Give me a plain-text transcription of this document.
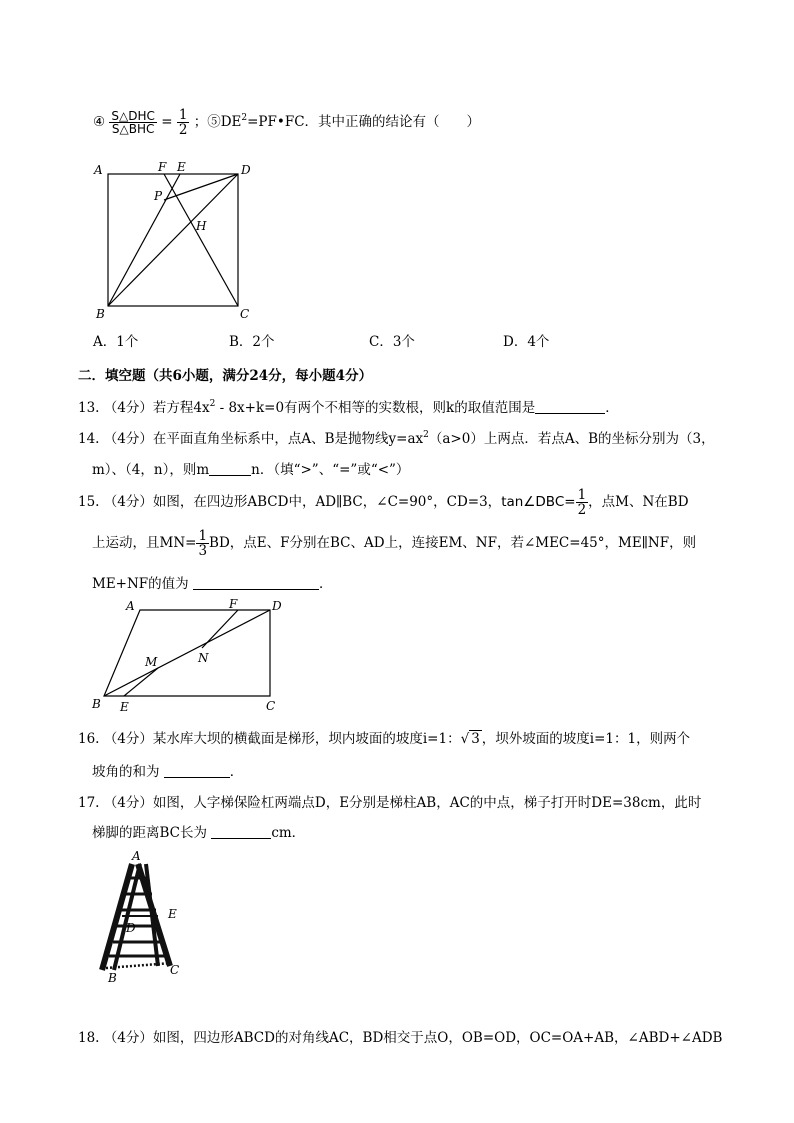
④ $\frac{\text{S△DHC}}{\text{S△BHC}} = \frac{1}{2}$ ；$⑤DE^2=PF•FC$．其中正确的结论有（　　）
A	F E	D
P
H
B	C
A．1个	B．2个	C．3个	D．4个
二．填空题（共6小题，满分24分，每小题4分）
13. （4分）若方程$4x^2 - 8x+k=0$有两个不相等的实数根，则k的取值范围是	．
14. （4分）在平面直角坐标系中，点A、B是抛物线$y=ax^2(a>0)$上两点．若点A、B的坐标分别为（3，
m）、（4，n），则m	n．（填“>”、“=”或“<”）
15. （4分）如图，在四边形ABCD中，AD∥BC，∠C=90°，CD=3，tan∠DBC= $\frac{1}{2}$ ，点M、N在BD
上运动，且$MN= \frac{1}{3}$ BD，点E、F分别在BC、AD上，连接EM、NF，若∠MEC=45°，ME∥NF，则
ME+NF的值为	．
A	F	D
M	N
B E	C
16. （4分）某水库大坝的横截面是梯形，坝内坡面的坡度i=1：√ 3 ，坝外坡面的坡度i=1：1，则两个
坡角的和为	．
17. （4分）如图，人字梯保险杠两端点D，E分别是梯柱AB，AC的中点，梯子打开时DE=38cm，此时
梯脚的距离BC长为	cm．
A
D
E
B
C
18. （4分）如图，四边形ABCD的对角线AC，BD相交于点O，OB=OD，OC=OA+AB，∠ABD+∠ADB
